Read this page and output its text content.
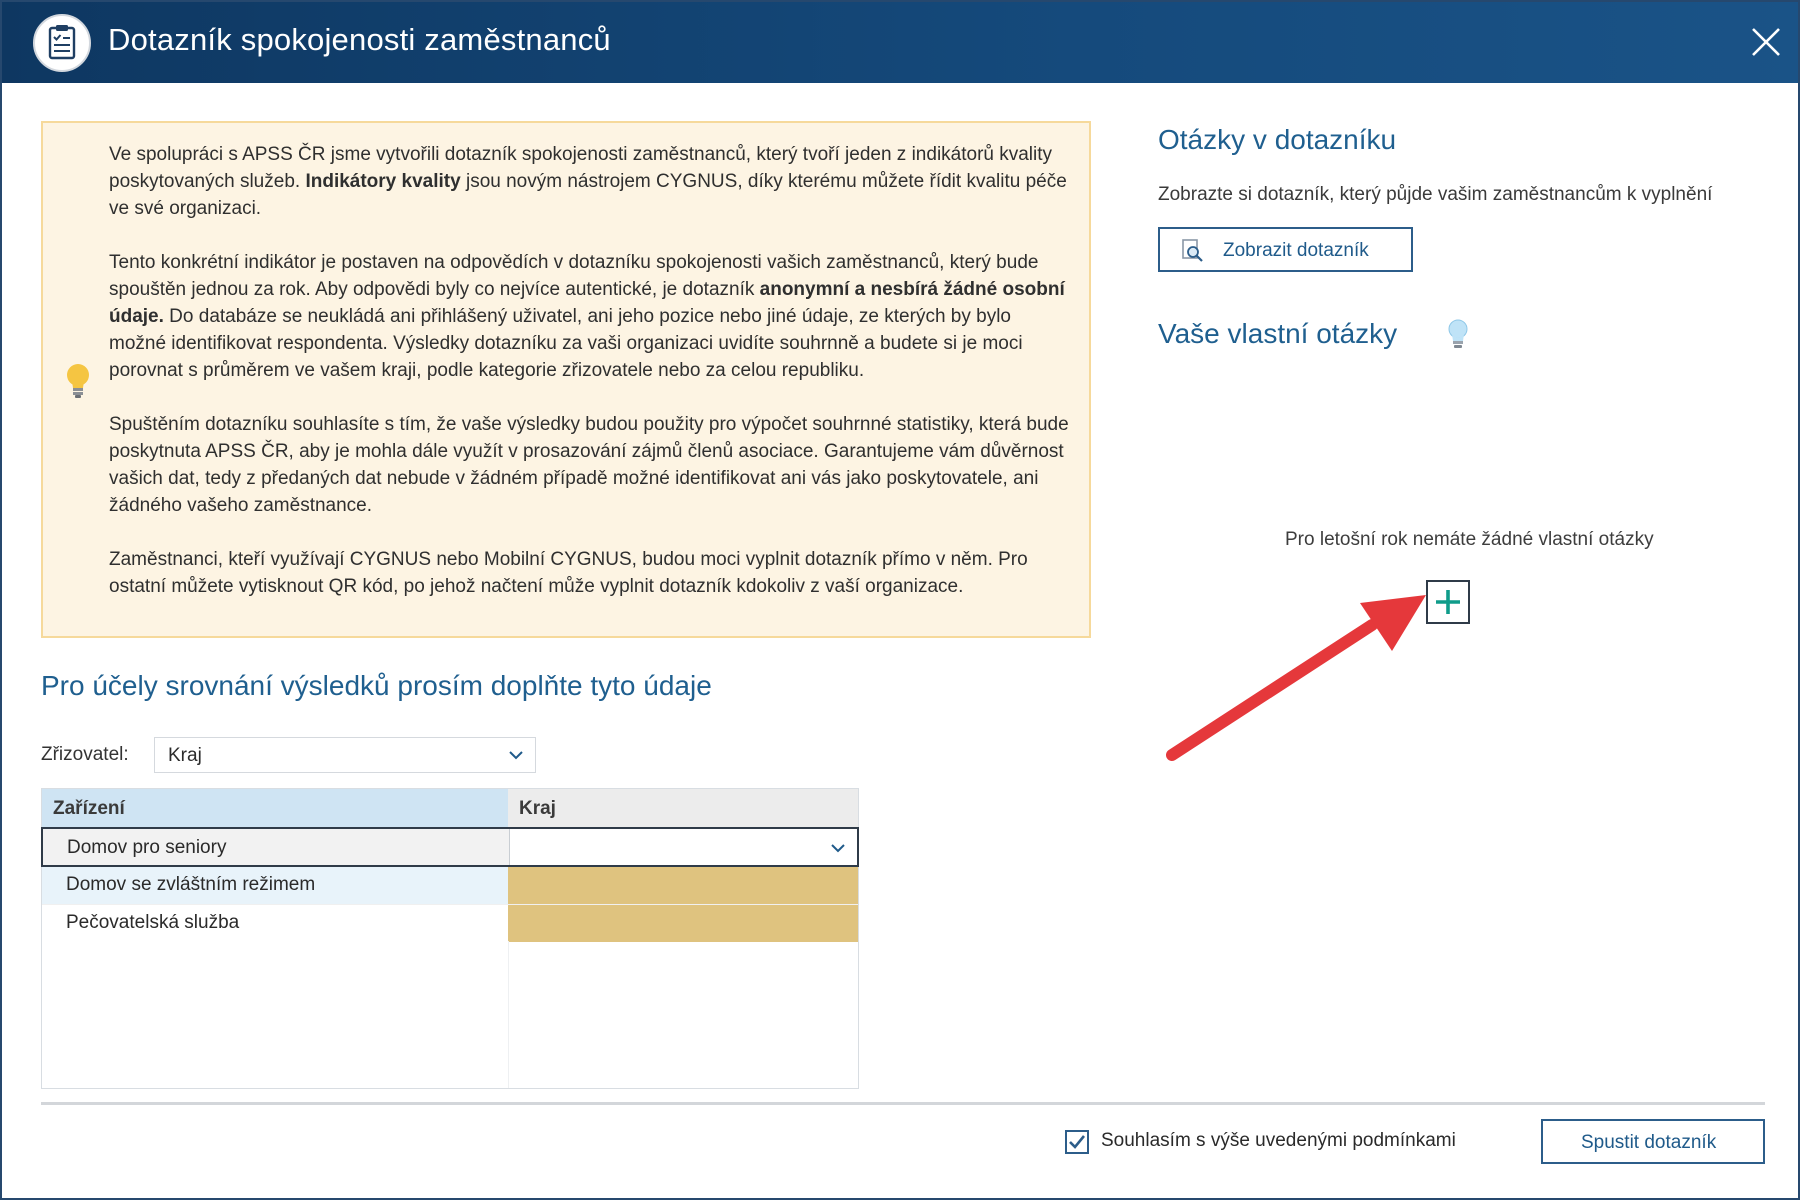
Dotazník spokojenosti zaměstnanců

Ve spolupráci s APSS ČR jsme vytvořili dotazník spokojenosti zaměstnanců, který tvoří jeden z indikátorů kvality poskytovaných služeb. Indikátory kvality jsou novým nástrojem CYGNUS, díky kterému můžete řídit kvalitu péče ve své organizaci.

Tento konkrétní indikátor je postaven na odpovědích v dotazníku spokojenosti vašich zaměstnanců, který bude spouštěn jednou za rok. Aby odpovědi byly co nejvíce autentické, je dotazník anonymní a nesbírá žádné osobní údaje. Do databáze se neukládá ani přihlášený uživatel, ani jeho pozice nebo jiné údaje, ze kterých by bylo možné identifikovat respondenta. Výsledky dotazníku za vaši organizaci uvidíte souhrnně a budete si je moci porovnat s průměrem ve vašem kraji, podle kategorie zřizovatele nebo za celou republiku.

Spuštěním dotazníku souhlasíte s tím, že vaše výsledky budou použity pro výpočet souhrnné statistiky, která bude poskytnuta APSS ČR, aby je mohla dále využít v prosazování zájmů členů asociace. Garantujeme vám důvěrnost vašich dat, tedy z předaných dat nebude v žádném případě možné identifikovat ani vás jako poskytovatele, ani žádného vašeho zaměstnance.

Zaměstnanci, kteří využívají CYGNUS nebo Mobilní CYGNUS, budou moci vyplnit dotazník přímo v něm. Pro ostatní můžete vytisknout QR kód, po jehož načtení může vyplnit dotazník kdokoliv z vaší organizace.

Pro účely srovnání výsledků prosím doplňte tyto údaje
Zřizovatel: Kraj
Zařízení	Kraj
Domov pro seniory
Domov se zvláštním režimem
Pečovatelská služba
Otázky v dotazníku
Zobrazte si dotazník, který půjde vašim zaměstnancům k vyplnění
Zobrazit dotazník
Vaše vlastní otázky
Pro letošní rok nemáte žádné vlastní otázky
Souhlasím s výše uvedenými podmínkami	Spustit dotazník
